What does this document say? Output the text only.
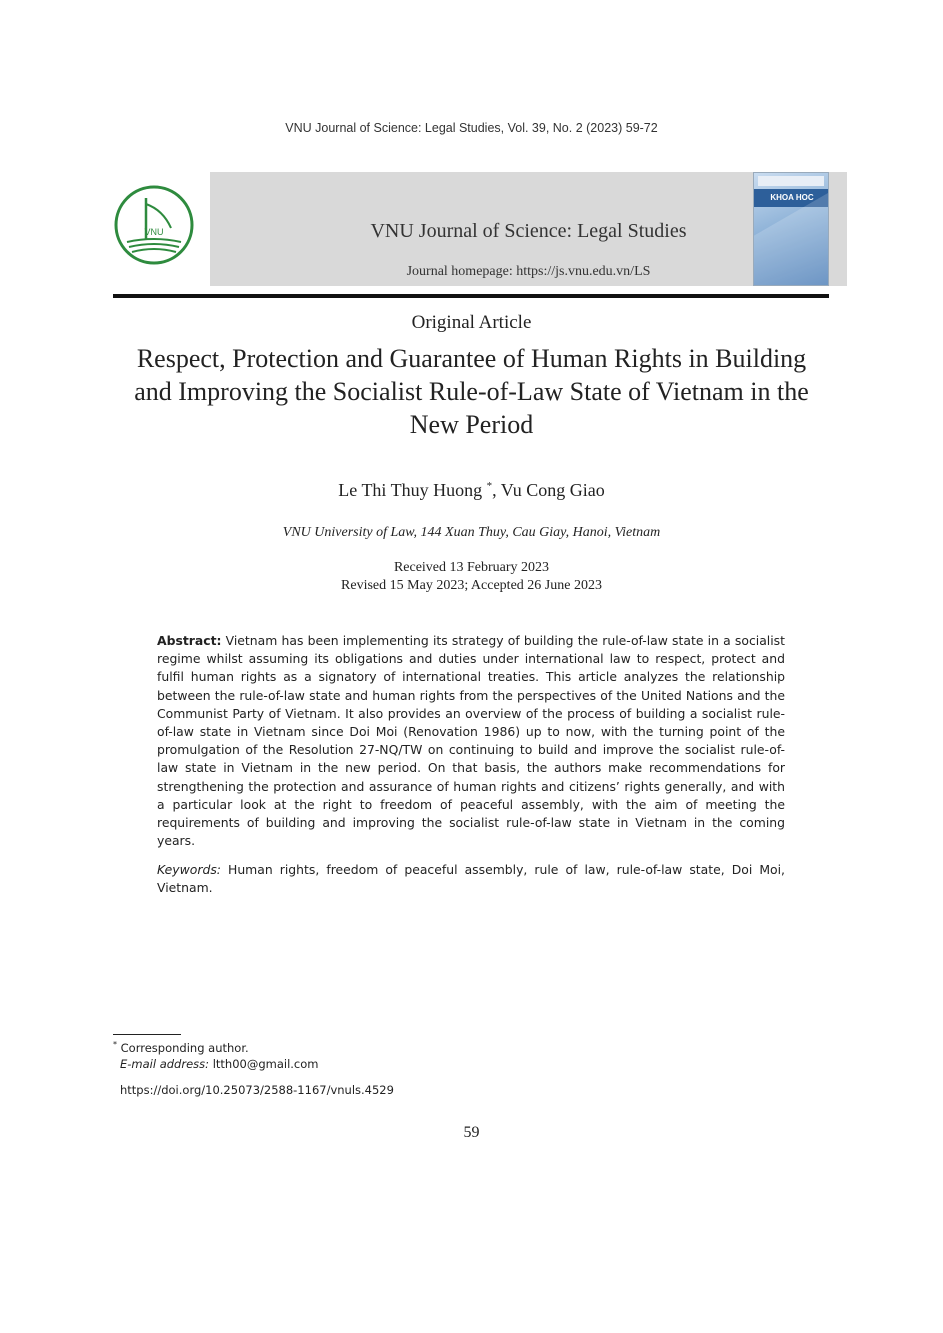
VNU Journal of Science: Legal Studies, Vol. 39, No. 2 (2023) 59-72
VNU	VNU Journal of Science: Legal Studies
Journal homepage: https://js.vnu.edu.vn/LS
KHOA HOC
Original Article
Respect, Protection and Guarantee of Human Rights in Building and Improving the Socialist Rule-of-Law State of Vietnam in the New Period
Le Thi Thuy Huong *, Vu Cong Giao
VNU University of Law, 144 Xuan Thuy, Cau Giay, Hanoi, Vietnam
Received 13 February 2023
Revised 15 May 2023; Accepted 26 June 2023

Abstract: Vietnam has been implementing its strategy of building the rule-of-law state in a socialist regime whilst assuming its obligations and duties under international law to respect, protect and fulfil human rights as a signatory of international treaties. This article analyzes the relationship between the rule-of-law state and human rights from the perspectives of the United Nations and the Communist Party of Vietnam. It also provides an overview of the process of building a socialist rule-of-law state in Vietnam since Doi Moi (Renovation 1986) up to now, with the turning point of the promulgation of the Resolution 27-NQ/TW on continuing to build and improve the socialist rule-of-law state in Vietnam in the new period. On that basis, the authors make recommendations for strengthening the protection and assurance of human rights and citizens’ rights generally, and with a particular look at the right to freedom of peaceful assembly, with the aim of meeting the requirements of building and improving the socialist rule-of-law state in Vietnam in the coming years.

Keywords: Human rights, freedom of peaceful assembly, rule of law, rule-of-law state, Doi Moi, Vietnam.

* Corresponding author.
E-mail address: ltth00@gmail.com
https://doi.org/10.25073/2588-1167/vnuls.4529
59
